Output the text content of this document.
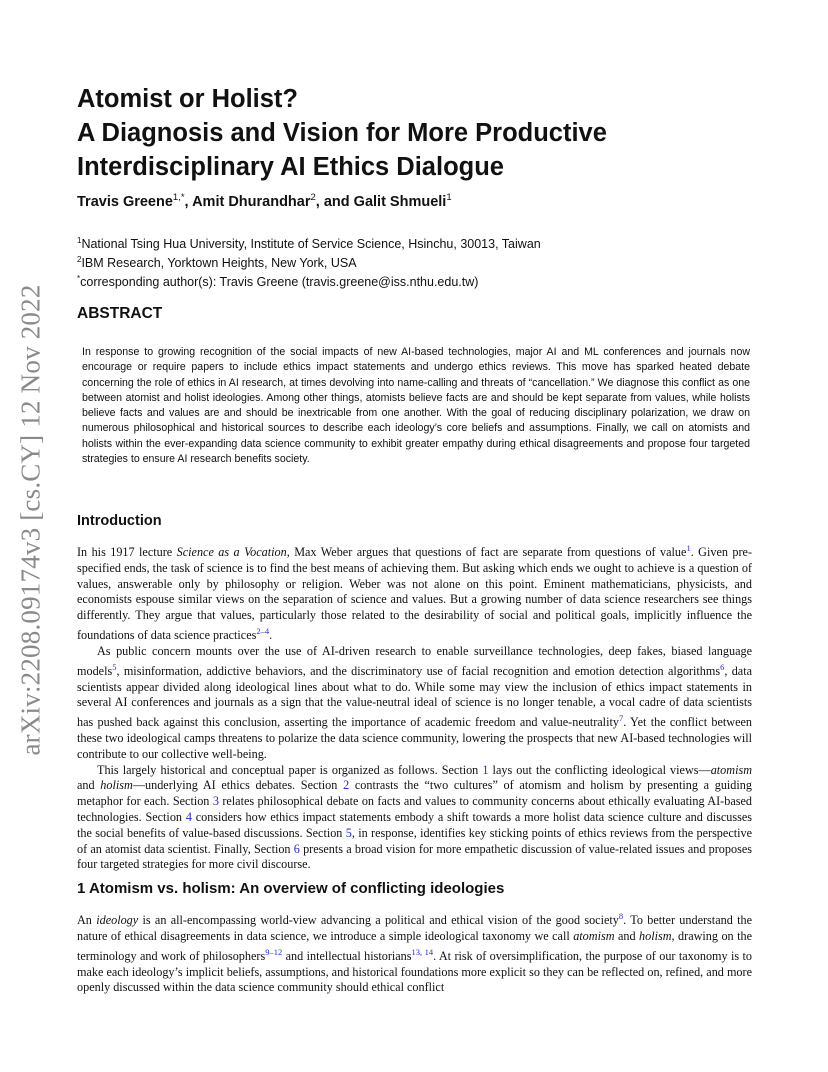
arXiv:2208.09174v3 [cs.CY] 12 Nov 2022
Atomist or Holist?
A Diagnosis and Vision for More Productive
Interdisciplinary AI Ethics Dialogue
Travis Greene$^{1,*}$, Amit Dhurandhar$^2$, and Galit Shmueli$^1$
$^1$National Tsing Hua University, Institute of Service Science, Hsinchu, 30013, Taiwan
$^2$IBM Research, Yorktown Heights, New York, USA
*corresponding author(s): Travis Greene (travis.greene@iss.nthu.edu.tw)
ABSTRACT
In response to growing recognition of the social impacts of new AI-based technologies, major AI and ML conferences and journals now encourage or require papers to include ethics impact statements and undergo ethics reviews. This move has sparked heated debate concerning the role of ethics in AI research, at times devolving into name-calling and threats of “cancellation.” We diagnose this conflict as one between atomist and holist ideologies. Among other things, atomists believe facts are and should be kept separate from values, while holists believe facts and values are and should be inextricable from one another. With the goal of reducing disciplinary polarization, we draw on numerous philosophical and historical sources to describe each ideology’s core beliefs and assumptions. Finally, we call on atomists and holists within the ever-expanding data science community to exhibit greater empathy during ethical disagreements and propose four targeted strategies to ensure AI research benefits society.
Introduction

In his 1917 lecture Science as a Vocation, Max Weber argues that questions of fact are separate from questions of value$^1$. Given pre-specified ends, the task of science is to find the best means of achieving them. But asking which ends we ought to achieve is a question of values, answerable only by philosophy or religion. Weber was not alone on this point. Eminent mathematicians, physicists, and economists espouse similar views on the separation of science and values. But a growing number of data science researchers see things differently. They argue that values, particularly those related to the desirability of social and political goals, implicitly influence the foundations of data science practices$^{2-4}$.

As public concern mounts over the use of AI-driven research to enable surveillance technologies, deep fakes, biased language models$^5$, misinformation, addictive behaviors, and the discriminatory use of facial recognition and emotion detection algorithms$^6$, data scientists appear divided along ideological lines about what to do. While some may view the inclusion of ethics impact statements in several AI conferences and journals as a sign that the value-neutral ideal of science is no longer tenable, a vocal cadre of data scientists has pushed back against this conclusion, asserting the importance of academic freedom and value-neutrality$^7$. Yet the conflict between these two ideological camps threatens to polarize the data science community, lowering the prospects that new AI-based technologies will contribute to our collective well-being.

This largely historical and conceptual paper is organized as follows. Section 1 lays out the conflicting ideological views—atomism and holism—underlying AI ethics debates. Section 2 contrasts the “two cultures” of atomism and holism by presenting a guiding metaphor for each. Section 3 relates philosophical debate on facts and values to community concerns about ethically evaluating AI-based technologies. Section 4 considers how ethics impact statements embody a shift towards a more holist data science culture and discusses the social benefits of value-based discussions. Section 5, in response, identifies key sticking points of ethics reviews from the perspective of an atomist data scientist. Finally, Section 6 presents a broad vision for more empathetic discussion of value-related issues and proposes four targeted strategies for more civil discourse.

1 Atomism vs. holism: An overview of conflicting ideologies

An ideology is an all-encompassing world-view advancing a political and ethical vision of the good society$^8$. To better understand the nature of ethical disagreements in data science, we introduce a simple ideological taxonomy we call atomism and holism, drawing on the terminology and work of philosophers$^{9-12}$ and intellectual historians$^{13, 14}$. At risk of oversimplification, the purpose of our taxonomy is to make each ideology’s implicit beliefs, assumptions, and historical foundations more explicit so they can be reflected on, refined, and more openly discussed within the data science community should ethical conflict
